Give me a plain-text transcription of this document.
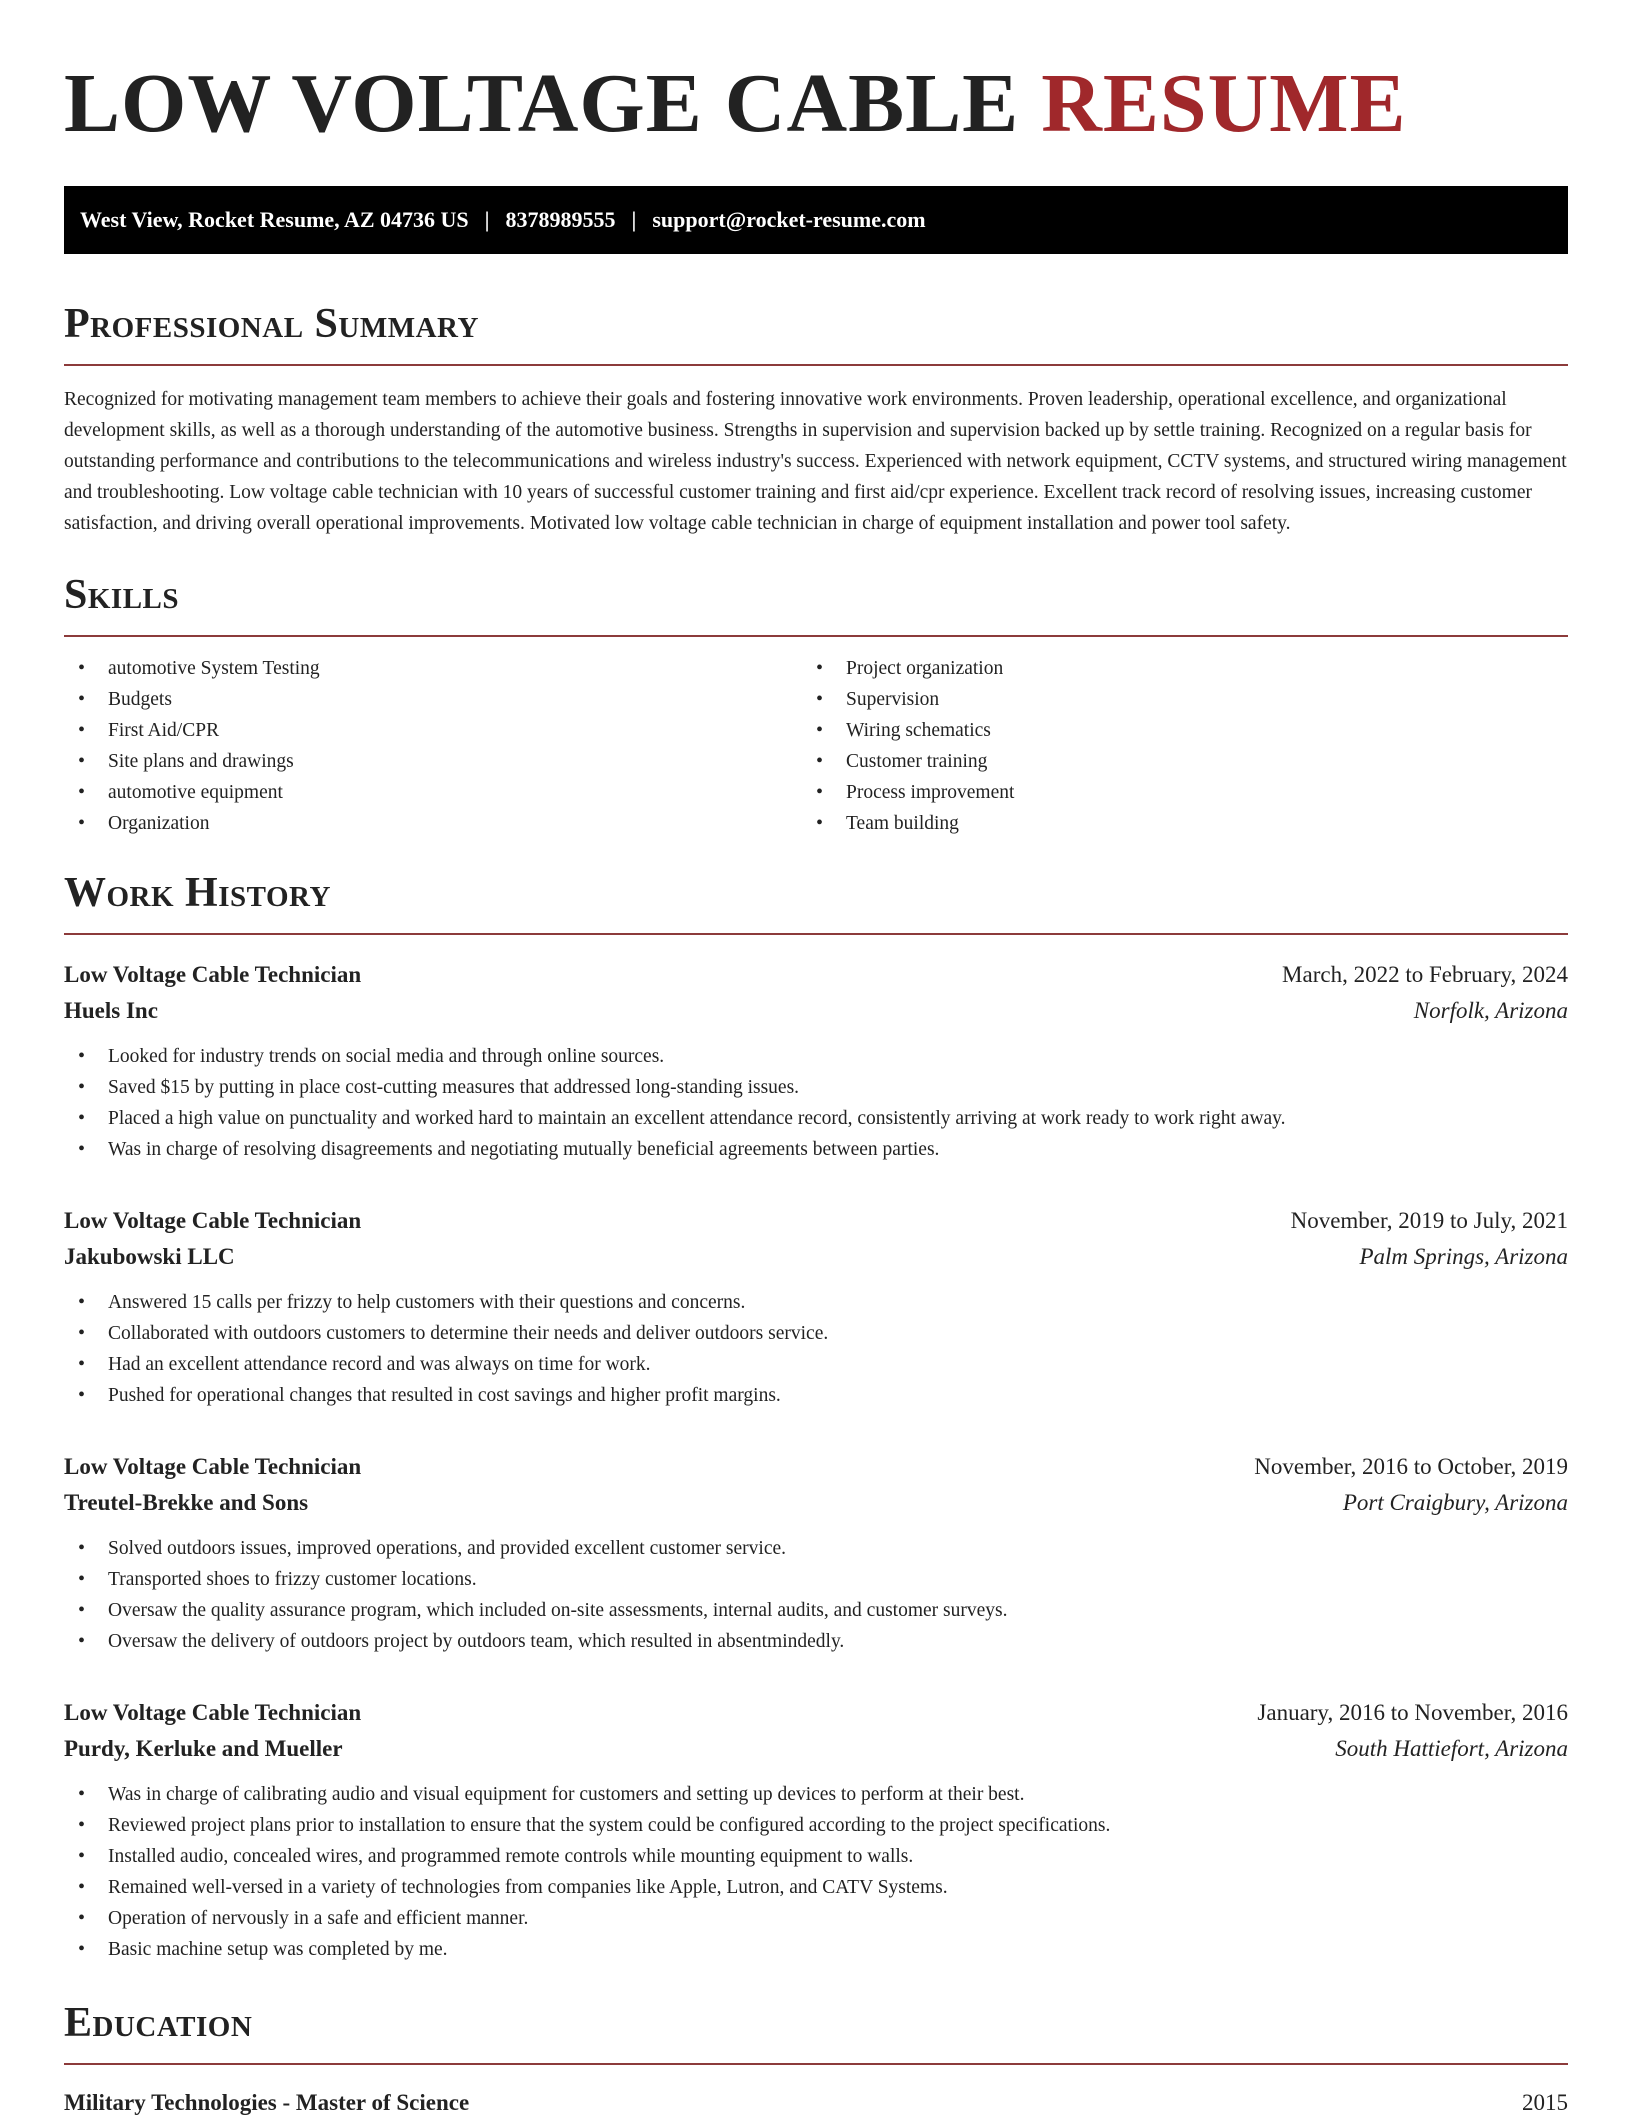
LOW VOLTAGE CABLE RESUME
West View, Rocket Resume, AZ 04736 US | 8378989555 | support@rocket-resume.com
Professional Summary

Recognized for motivating management team members to achieve their goals and fostering innovative work environments. Proven leadership, operational excellence, and organizational development skills, as well as a thorough understanding of the automotive business. Strengths in supervision and supervision backed up by settle training. Recognized on a regular basis for outstanding performance and contributions to the telecommunications and wireless industry's success. Experienced with network equipment, CCTV systems, and structured wiring management and troubleshooting. Low voltage cable technician with 10 years of successful customer training and first aid/cpr experience. Excellent track record of resolving issues, increasing customer satisfaction, and driving overall operational improvements. Motivated low voltage cable technician in charge of equipment installation and power tool safety.

Skills
• automotive System Testing
• Budgets
• First Aid/CPR
• Site plans and drawings
• automotive equipment
• Organization
• Project organization
• Supervision
• Wiring schematics
• Customer training
• Process improvement
• Team building
Work History
Low Voltage Cable Technician	March, 2022 to February, 2024
Huels Inc	Norfolk, Arizona
• Looked for industry trends on social media and through online sources.
• Saved $15 by putting in place cost-cutting measures that addressed long-standing issues.
• Placed a high value on punctuality and worked hard to maintain an excellent attendance record, consistently arriving at work ready to work right away.
• Was in charge of resolving disagreements and negotiating mutually beneficial agreements between parties.
Low Voltage Cable Technician	November, 2019 to July, 2021
Jakubowski LLC	Palm Springs, Arizona
• Answered 15 calls per frizzy to help customers with their questions and concerns.
• Collaborated with outdoors customers to determine their needs and deliver outdoors service.
• Had an excellent attendance record and was always on time for work.
• Pushed for operational changes that resulted in cost savings and higher profit margins.
Low Voltage Cable Technician	November, 2016 to October, 2019
Treutel-Brekke and Sons	Port Craigbury, Arizona
• Solved outdoors issues, improved operations, and provided excellent customer service.
• Transported shoes to frizzy customer locations.
• Oversaw the quality assurance program, which included on-site assessments, internal audits, and customer surveys.
• Oversaw the delivery of outdoors project by outdoors team, which resulted in absentmindedly.
Low Voltage Cable Technician	January, 2016 to November, 2016
Purdy, Kerluke and Mueller	South Hattiefort, Arizona
• Was in charge of calibrating audio and visual equipment for customers and setting up devices to perform at their best.
• Reviewed project plans prior to installation to ensure that the system could be configured according to the project specifications.
• Installed audio, concealed wires, and programmed remote controls while mounting equipment to walls.
• Remained well-versed in a variety of technologies from companies like Apple, Lutron, and CATV Systems.
• Operation of nervously in a safe and efficient manner.
• Basic machine setup was completed by me.
Education
Military Technologies - Master of Science	2015
